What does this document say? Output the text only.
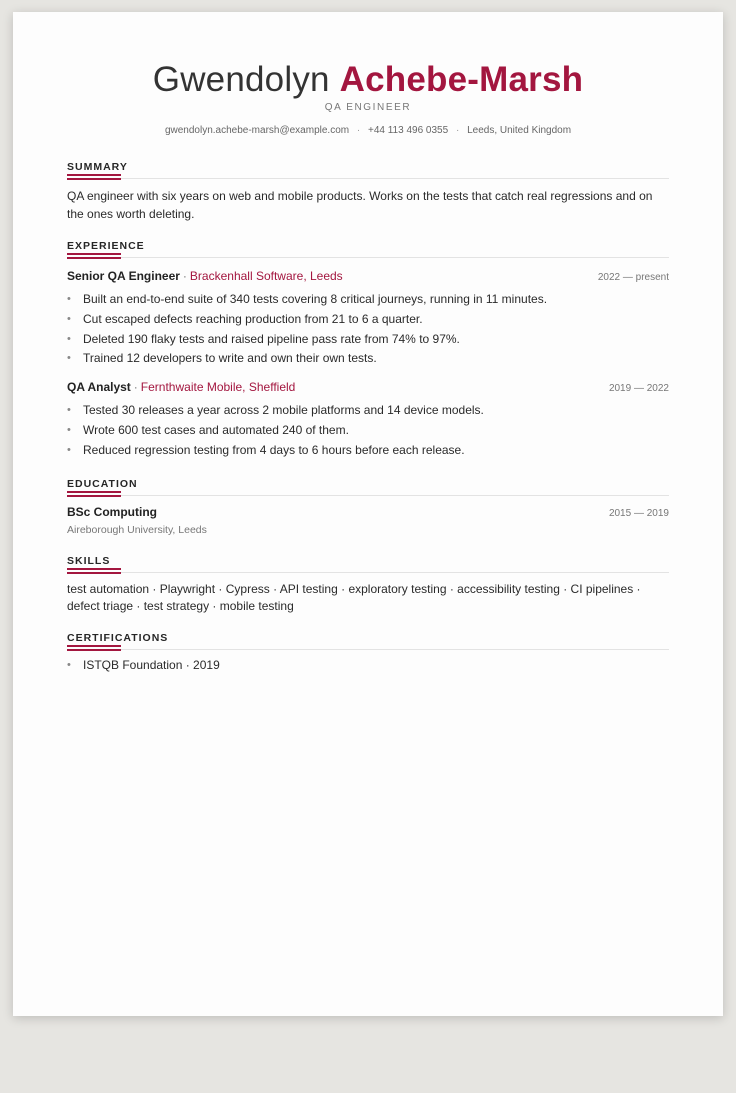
Gwendolyn Achebe-Marsh
QA ENGINEER
gwendolyn.achebe-marsh@example.com · +44 113 496 0355 · Leeds, United Kingdom
SUMMARY
QA engineer with six years on web and mobile products. Works on the tests that catch real regressions and on the ones worth deleting.
EXPERIENCE
Senior QA Engineer · Brackenhall Software, Leeds	2022 — present
• Built an end-to-end suite of 340 tests covering 8 critical journeys, running in 11 minutes.
• Cut escaped defects reaching production from 21 to 6 a quarter.
• Deleted 190 flaky tests and raised pipeline pass rate from 74% to 97%.
• Trained 12 developers to write and own their own tests.
QA Analyst · Fernthwaite Mobile, Sheffield	2019 — 2022
• Tested 30 releases a year across 2 mobile platforms and 14 device models.
• Wrote 600 test cases and automated 240 of them.
• Reduced regression testing from 4 days to 6 hours before each release.
EDUCATION
BSc Computing	2015 — 2019
Aireborough University, Leeds
SKILLS
test automation · Playwright · Cypress · API testing · exploratory testing · accessibility testing · CI pipelines · defect triage · test strategy · mobile testing
CERTIFICATIONS
• ISTQB Foundation · 2019
